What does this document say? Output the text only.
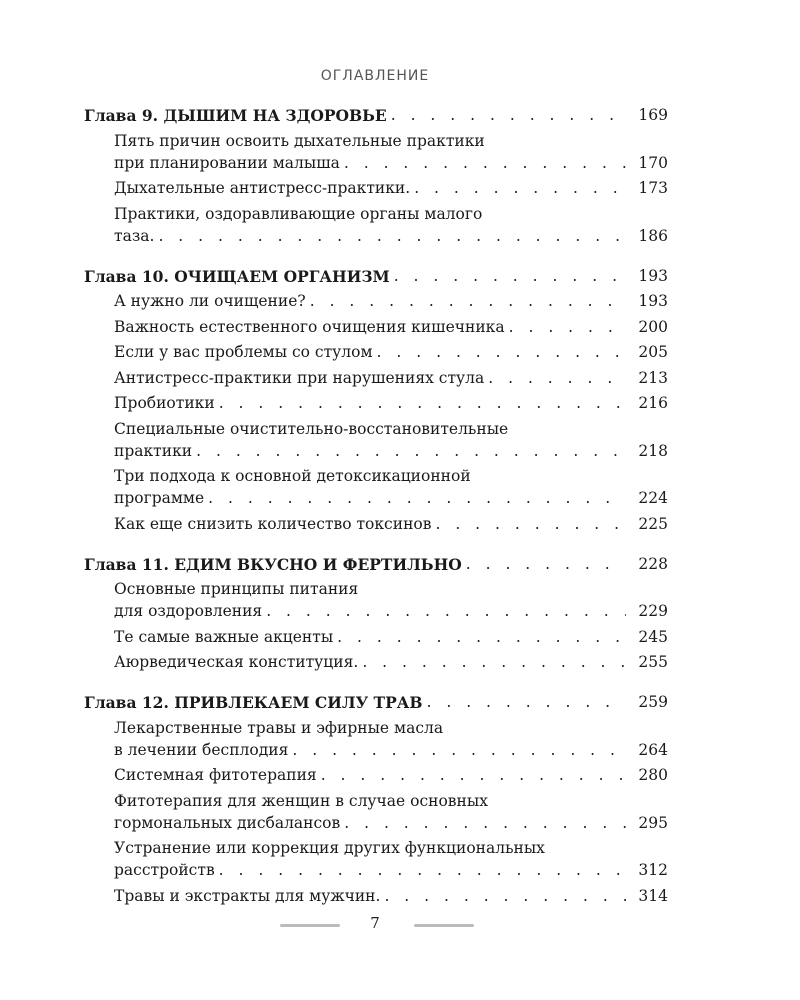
ОГЛАВЛЕНИЕ
Глава 9. ДЫШИМ НА ЗДОРОВЬЕ . . .	169
Пять причин освоить дыхательные практики
при планировании малыша . . .	170
Дыхательные антистресс-практики. . . .	173
Практики, оздоравливающие органы малого
таза. . . .	186
Глава 10. ОЧИЩАЕМ ОРГАНИЗМ . . .	193
А нужно ли очищение? . . .	193
Важность естественного очищения кишечника . . .	200
Если у вас проблемы со стулом . . .	205
Антистресс-практики при нарушениях стула . . .	213
Пробиотики . . .	216
Специальные очистительно-восстановительные
практики . . .	218
Три подхода к основной детоксикационной
программе . . .	224
Как еще снизить количество токсинов . . .	225
Глава 11. ЕДИМ ВКУСНО И ФЕРТИЛЬНО . . .	228
Основные принципы питания
для оздоровления . . .	229
Те самые важные акценты . . .	245
Аюрведическая конституция. . . .	255
Глава 12. ПРИВЛЕКАЕМ СИЛУ ТРАВ . . .	259
Лекарственные травы и эфирные масла
в лечении бесплодия . . .	264
Системная фитотерапия . . .	280
Фитотерапия для женщин в случае основных
гормональных дисбалансов . . .	295
Устранение или коррекция других функциональных
расстройств . . .	312
Травы и экстракты для мужчин. . . .	314
7
